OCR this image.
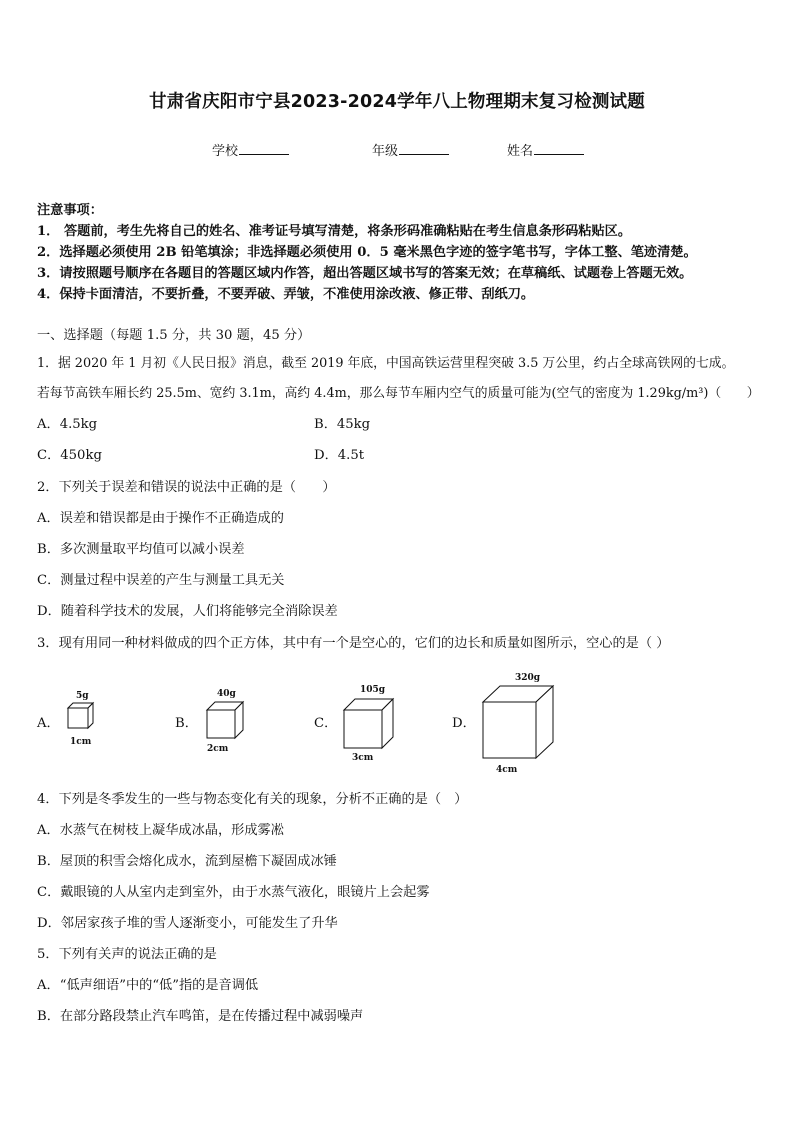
甘肃省庆阳市宁县2023-2024学年八上物理期末复习检测试题
学校	年级	姓名
注意事项：
1． 答题前，考生先将自己的姓名、准考证号填写清楚，将条形码准确粘贴在考生信息条形码粘贴区。
2．选择题必须使用 2B 铅笔填涂；非选择题必须使用 0．5 毫米黑色字迹的签字笔书写，字体工整、笔迹清楚。
3．请按照题号顺序在各题目的答题区域内作答，超出答题区域书写的答案无效；在草稿纸、试题卷上答题无效。
4．保持卡面清洁，不要折叠，不要弄破、弄皱，不准使用涂改液、修正带、刮纸刀。
一、选择题（每题 1.5 分，共 30 题，45 分）
1．据 2020 年 1 月初《人民日报》消息，截至 2019 年底，中国高铁运营里程突破 3.5 万公里，约占全球高铁网的七成。
若每节高铁车厢长约 25.5m、宽约 3.1m，高约 4.4m，那么每节车厢内空气的质量可能为(空气的密度为 1.29kg/m³)（　　）
A．4.5kg	B．45kg
C．450kg	D．4.5t
2．下列关于误差和错误的说法中正确的是（　　）
A．误差和错误都是由于操作不正确造成的
B．多次测量取平均值可以减小误差
C．测量过程中误差的产生与测量工具无关
D．随着科学技术的发展，人们将能够完全消除误差
3．现有用同一种材料做成的四个正方体，其中有一个是空心的，它们的边长和质量如图所示，空心的是（ ）
A．
5g
1cm
B．
40g
2cm
C．
105g
3cm
D．
320g
4cm
4．下列是冬季发生的一些与物态变化有关的现象，分析不正确的是（　）
A．水蒸气在树枝上凝华成冰晶，形成雾凇
B．屋顶的积雪会熔化成水，流到屋檐下凝固成冰锤
C．戴眼镜的人从室内走到室外，由于水蒸气液化，眼镜片上会起雾
D．邻居家孩子堆的雪人逐渐变小，可能发生了升华
5．下列有关声的说法正确的是
A．“低声细语”中的“低”指的是音调低
B．在部分路段禁止汽车鸣笛，是在传播过程中减弱噪声
